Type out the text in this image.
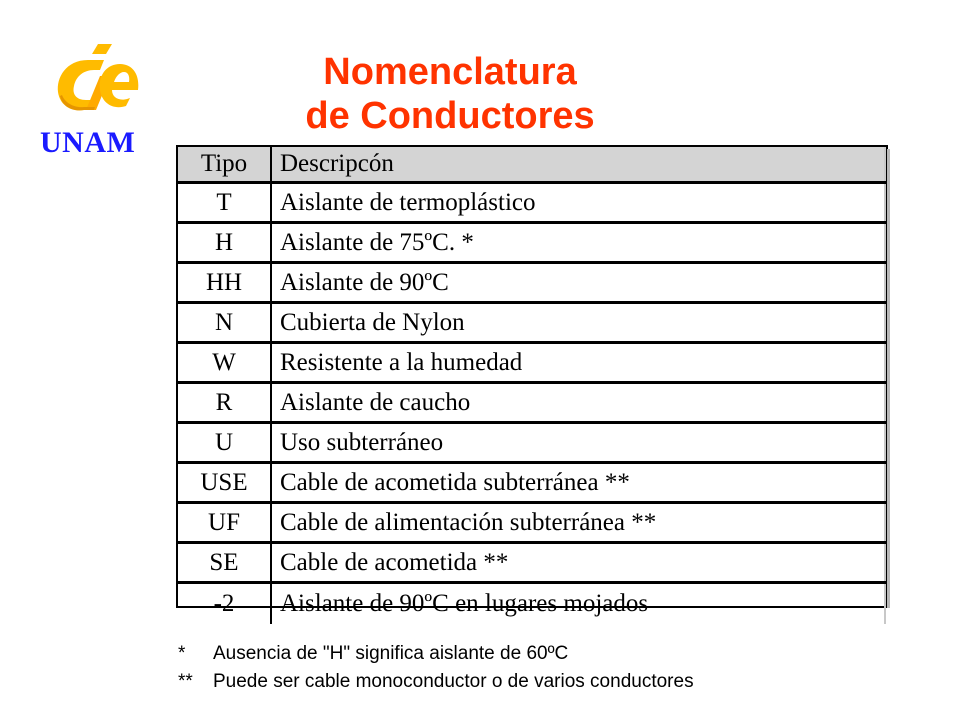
UNAM
Nomenclatura
de Conductores
Tipo	Descripcón
T	Aislante de termoplástico
H	Aislante de 75ºC. *
HH	Aislante de 90ºC
N	Cubierta de Nylon
W	Resistente a la humedad
R	Aislante de caucho
U	Uso subterráneo
USE	Cable de acometida subterránea **
UF	Cable de alimentación subterránea **
SE	Cable de acometida **
-2	Aislante de 90ºC en lugares mojados
*	Ausencia de "H" significa aislante de 60ºC
**	Puede ser cable monoconductor o de varios conductores
